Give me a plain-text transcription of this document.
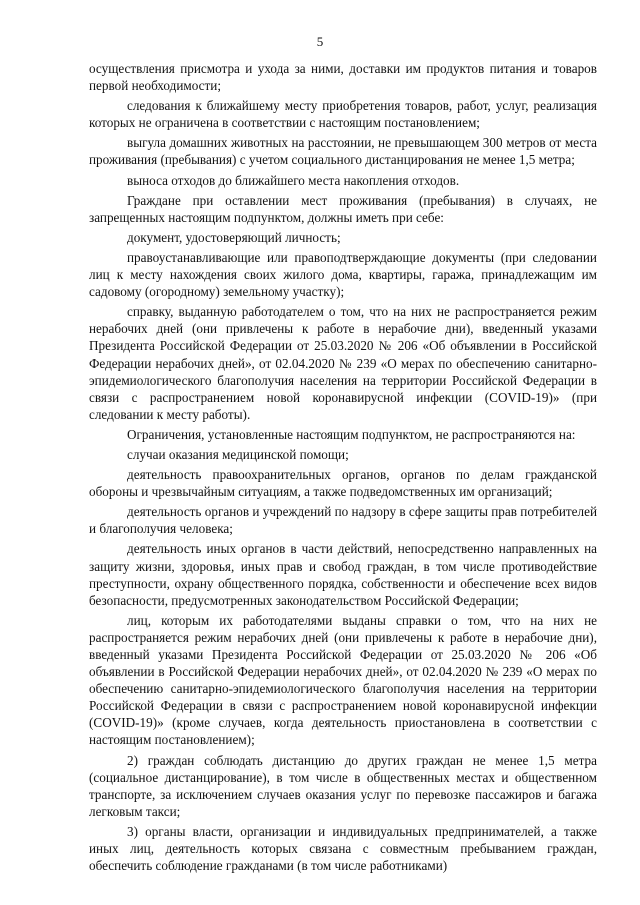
5

осуществления присмотра и ухода за ними, доставки им продуктов питания и товаров первой необходимости;

следования к ближайшему месту приобретения товаров, работ, услуг, реализация которых не ограничена в соответствии с настоящим постановлением;

выгула домашних животных на расстоянии, не превышающем 300 метров от места проживания (пребывания) с учетом социального дистанцирования не менее 1,5 метра;

выноса отходов до ближайшего места накопления отходов.

Граждане при оставлении мест проживания (пребывания) в случаях, не запрещенных настоящим подпунктом, должны иметь при себе:

документ, удостоверяющий личность;

правоустанавливающие или правоподтверждающие документы (при следовании лиц к месту нахождения своих жилого дома, квартиры, гаража, принадлежащим им садовому (огородному) земельному участку);

справку, выданную работодателем о том, что на них не распространяется режим нерабочих дней (они привлечены к работе в нерабочие дни), введенный указами Президента Российской Федерации от 25.03.2020 № 206 «Об объявлении в Российской Федерации нерабочих дней», от 02.04.2020 № 239 «О мерах по обеспечению санитарно-эпидемиологического благополучия населения на территории Российской Федерации в связи с распространением новой коронавирусной инфекции (COVID-19)» (при следовании к месту работы).

Ограничения, установленные настоящим подпунктом, не распространяются на:

случаи оказания медицинской помощи;

деятельность правоохранительных органов, органов по делам гражданской обороны и чрезвычайным ситуациям, а также подведомственных им организаций;

деятельность органов и учреждений по надзору в сфере защиты прав потребителей и благополучия человека;

деятельность иных органов в части действий, непосредственно направленных на защиту жизни, здоровья, иных прав и свобод граждан, в том числе противодействие преступности, охрану общественного порядка, собственности и обеспечение всех видов безопасности, предусмотренных законодательством Российской Федерации;

лиц, которым их работодателями выданы справки о том, что на них не распространяется режим нерабочих дней (они привлечены к работе в нерабочие дни), введенный указами Президента Российской Федерации от 25.03.2020 № 206 «Об объявлении в Российской Федерации нерабочих дней», от 02.04.2020 № 239 «О мерах по обеспечению санитарно-эпидемиологического благополучия населения на территории Российской Федерации в связи с распространением новой коронавирусной инфекции (COVID-19)» (кроме случаев, когда деятельность приостановлена в соответствии с настоящим постановлением);

2) граждан соблюдать дистанцию до других граждан не менее 1,5 метра (социальное дистанцирование), в том числе в общественных местах и общественном транспорте, за исключением случаев оказания услуг по перевозке пассажиров и багажа легковым такси;

3) органы власти, организации и индивидуальных предпринимателей, а также иных лиц, деятельность которых связана с совместным пребыванием граждан, обеспечить соблюдение гражданами (в том числе работниками)
